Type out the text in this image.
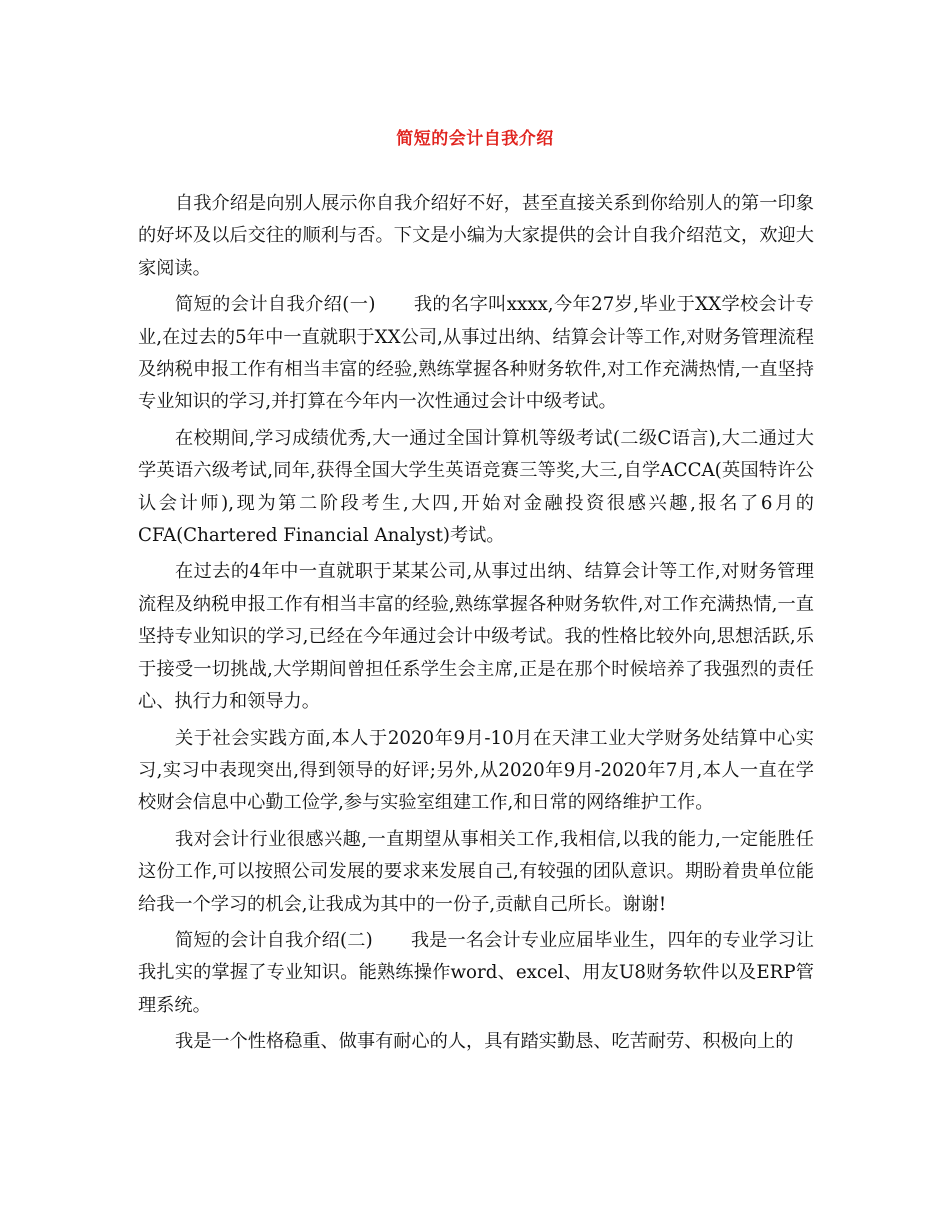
简短的会计自我介绍

自我介绍是向别人展示你自我介绍好不好，甚至直接关系到你给别人的第一印象的好坏及以后交往的顺利与否。下文是小编为大家提供的会计自我介绍范文，欢迎大家阅读。

简短的会计自我介绍(一) 我的名字叫xxxx,今年27岁,毕业于XX学校会计专业,在过去的5年中一直就职于XX公司,从事过出纳、结算会计等工作,对财务管理流程及纳税申报工作有相当丰富的经验,熟练掌握各种财务软件,对工作充满热情,一直坚持专业知识的学习,并打算在今年内一次性通过会计中级考试。

在校期间,学习成绩优秀,大一通过全国计算机等级考试(二级C语言),大二通过大学英语六级考试,同年,获得全国大学生英语竞赛三等奖,大三,自学ACCA(英国特许公认会计师),现为第二阶段考生,大四,开始对金融投资很感兴趣,报名了6月的CFA(Chartered Financial Analyst)考试。

在过去的4年中一直就职于某某公司,从事过出纳、结算会计等工作,对财务管理流程及纳税申报工作有相当丰富的经验,熟练掌握各种财务软件,对工作充满热情,一直坚持专业知识的学习,已经在今年通过会计中级考试。我的性格比较外向,思想活跃,乐于接受一切挑战,大学期间曾担任系学生会主席,正是在那个时候培养了我强烈的责任心、执行力和领导力。

关于社会实践方面,本人于2020年9月-10月在天津工业大学财务处结算中心实习,实习中表现突出,得到领导的好评;另外,从2020年9月-2020年7月,本人一直在学校财会信息中心勤工俭学,参与实验室组建工作,和日常的网络维护工作。

我对会计行业很感兴趣,一直期望从事相关工作,我相信,以我的能力,一定能胜任这份工作,可以按照公司发展的要求来发展自己,有较强的团队意识。期盼着贵单位能给我一个学习的机会,让我成为其中的一份子,贡献自己所长。谢谢!

简短的会计自我介绍(二) 我是一名会计专业应届毕业生，四年的专业学习让我扎实的掌握了专业知识。能熟练操作word、excel、用友U8财务软件以及ERP管理系统。

我是一个性格稳重、做事有耐心的人，具有踏实勤恳、吃苦耐劳、积极向上的
